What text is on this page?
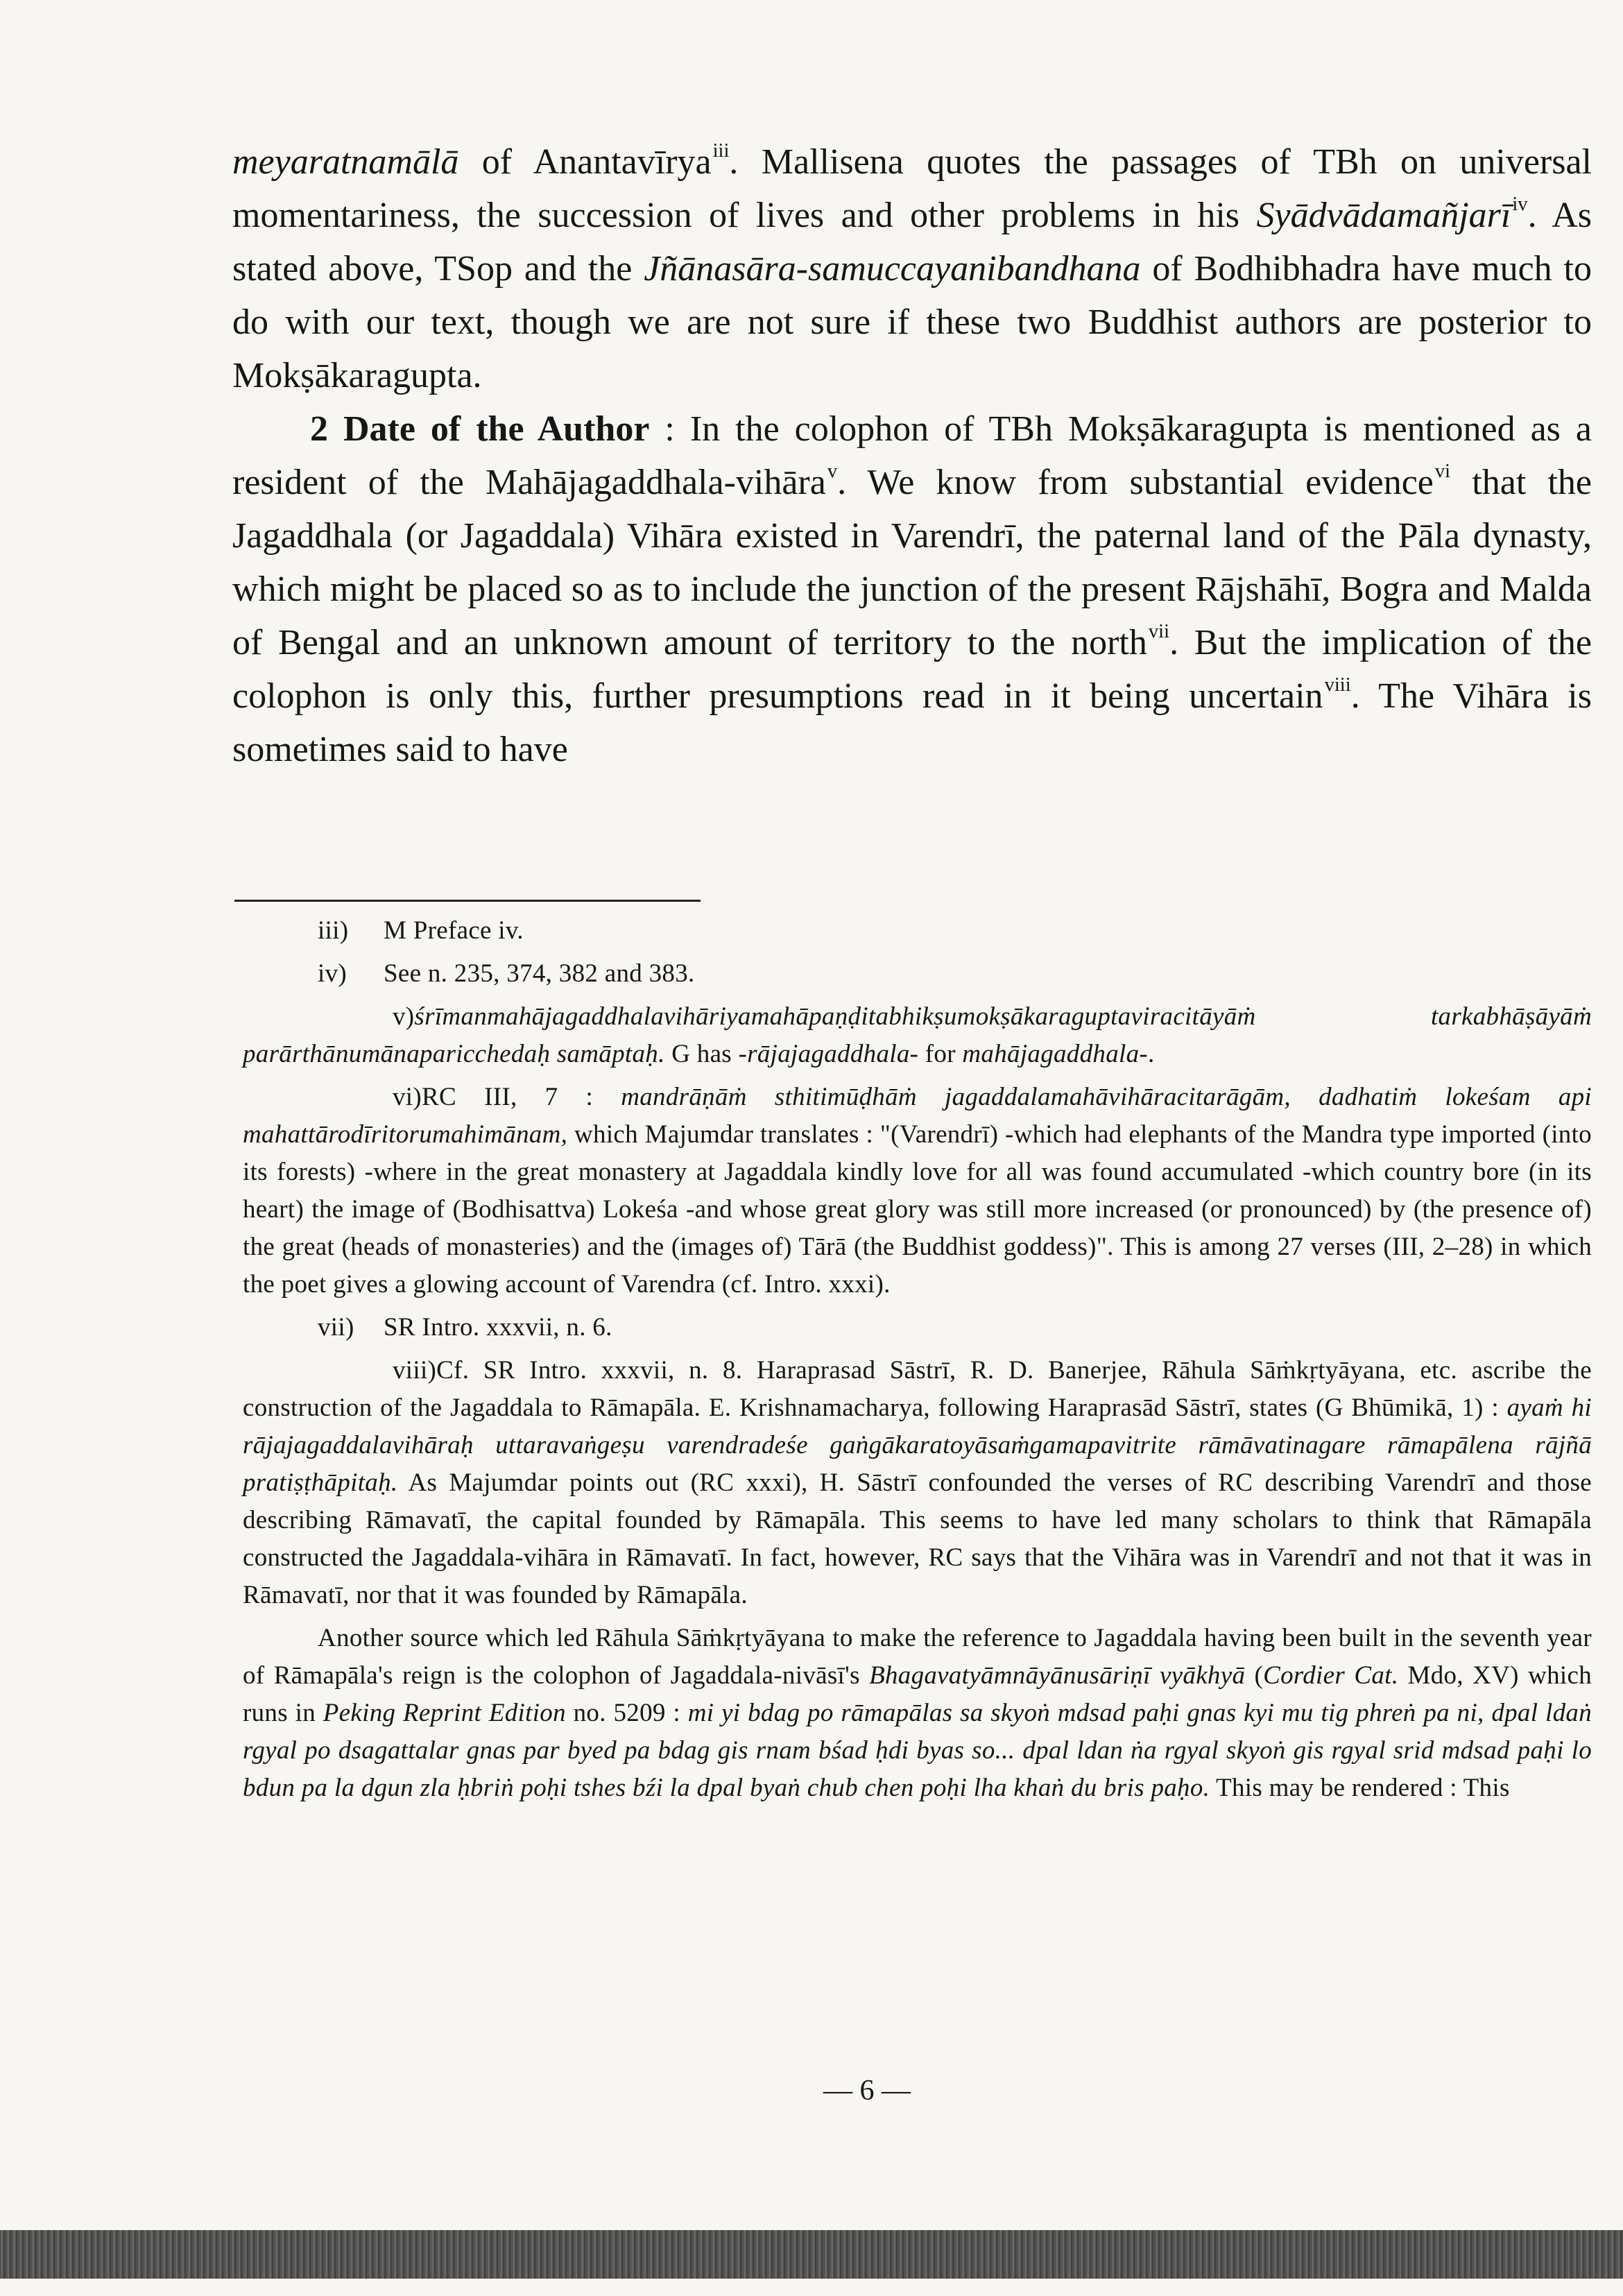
meyaratnamālā of Anantavīrya$^{iii}$. Mallisena quotes the passages of TBh on universal momentariness, the succession of lives and other problems in his Syādvādamañjarī$^{iv}$. As stated above, TSop and the Jñānasāra-samuccayanibandhana of Bodhibhadra have much to do with our text, though we are not sure if these two Buddhist authors are posterior to Mokṣākaragupta.

2 Date of the Author : In the colophon of TBh Mokṣākaragupta is mentioned as a resident of the Mahājagaddhala-vihāra$^v$. We know from substantial evidence$^{vi}$ that the Jagaddhala (or Jagaddala) Vihāra existed in Varendrī, the paternal land of the Pāla dynasty, which might be placed so as to include the junction of the present Rājshāhī, Bogra and Malda of Bengal and an unknown amount of territory to the north$^{vii}$. But the implication of the colophon is only this, further presumptions read in it being uncertain$^{viii}$. The Vihāra is sometimes said to have

iii) M Preface iv.

iv) See n. 235, 374, 382 and 383.

v)śrīmanmahājagaddhalavihāriyamahāpaṇḍitabhikṣumokṣākaraguptaviracitāyāṁ tarkabhāṣāyāṁ parārthānumānaparicchedaḥ samāptaḥ. G has -rājajagaddhala- for mahājagaddhala-.

vi)RC III, 7 : mandrāṇāṁ sthitimūḍhāṁ jagaddalamahāvihāracitarāgām, dadhatiṁ lokeśam api mahattārodīritorumahimānam, which Majumdar translates : "(Varendrī) -which had elephants of the Mandra type imported (into its forests) -where in the great monastery at Jagaddala kindly love for all was found accumulated -which country bore (in its heart) the image of (Bodhisattva) Lokeśa -and whose great glory was still more increased (or pronounced) by (the presence of) the great (heads of monasteries) and the (images of) Tārā (the Buddhist goddess)". This is among 27 verses (III, 2–28) in which the poet gives a glowing account of Varendra (cf. Intro. xxxi).

vii) SR Intro. xxxvii, n. 6.

viii)Cf. SR Intro. xxxvii, n. 8. Haraprasad Sāstrī, R. D. Banerjee, Rāhula Sāṁkṛtyāyana, etc. ascribe the construction of the Jagaddala to Rāmapāla. E. Krishnamacharya, following Haraprasād Sāstrī, states (G Bhūmikā, 1) : ayaṁ hi rājajagaddalavihāraḥ uttaravaṅgeṣu varendradeśe gaṅgākaratoyāsaṁgamapavitrite rāmāvatinagare rāmapālena rājñā pratiṣṭhāpitaḥ. As Majumdar points out (RC xxxi), H. Sāstrī confounded the verses of RC describing Varendrī and those describing Rāmavatī, the capital founded by Rāmapāla. This seems to have led many scholars to think that Rāmapāla constructed the Jagaddala-vihāra in Rāmavatī. In fact, however, RC says that the Vihāra was in Varendrī and not that it was in Rāmavatī, nor that it was founded by Rāmapāla.

Another source which led Rāhula Sāṁkṛtyāyana to make the reference to Jagaddala having been built in the seventh year of Rāmapāla's reign is the colophon of Jagaddala-nivāsī's Bhagavatyāmnāyānusāriṇī vyākhyā (Cordier Cat. Mdo, XV) which runs in Peking Reprint Edition no. 5209 : mi yi bdag po rāmapālas sa skyoṅ mdsad paḥi gnas kyi mu tig phreṅ pa ni, dpal ldaṅ rgyal po dsagattalar gnas par byed pa bdag gis rnam bśad ḥdi byas so... dpal ldan ṅa rgyal skyoṅ gis rgyal srid mdsad paḥi lo bdun pa la dgun zla ḥbriṅ poḥi tshes bźi la dpal byaṅ chub chen poḥi lha khaṅ du bris paḥo. This may be rendered : This

— 6 —
